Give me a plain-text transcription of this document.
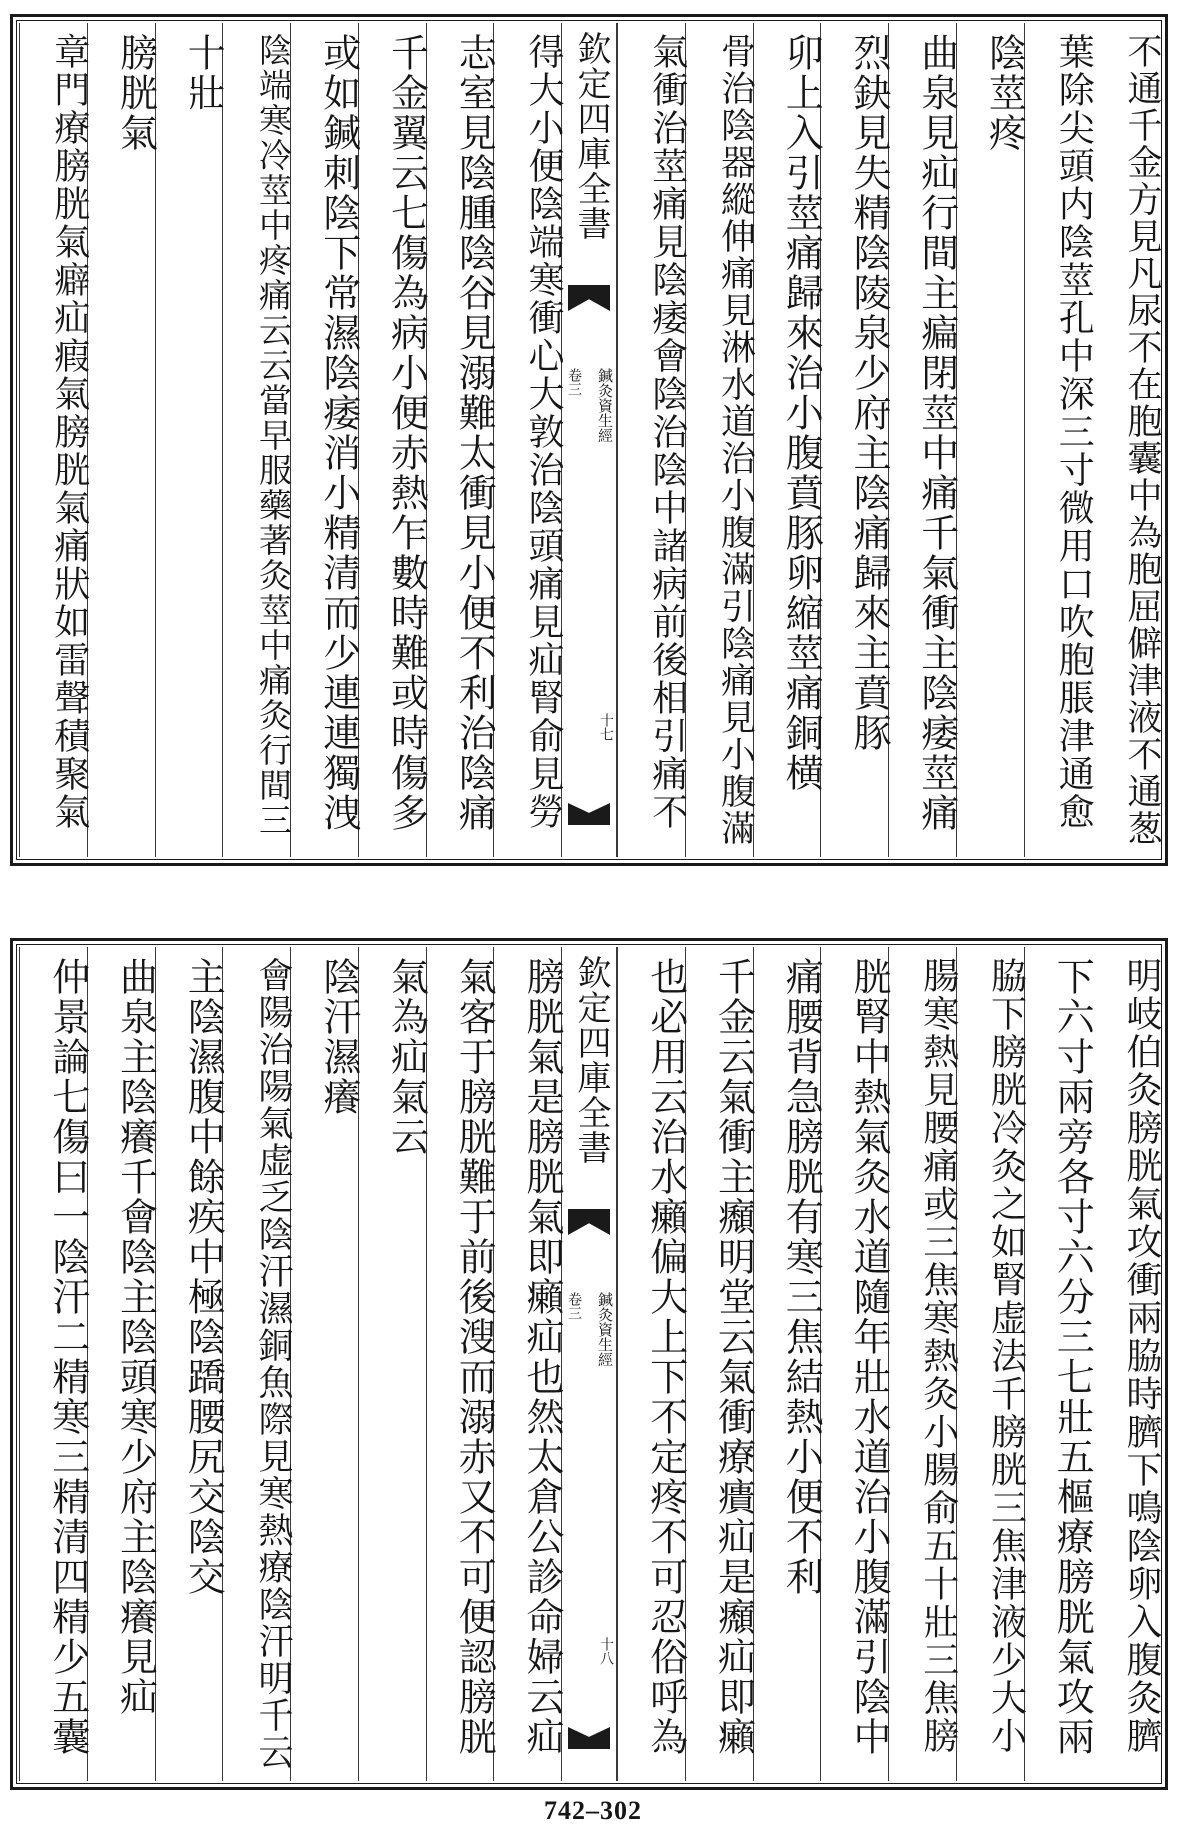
不通千金方見凡尿不在胞囊中為胞屈僻津液不通葱
葉除尖頭内陰莖孔中深三寸微用口吹胞脹津通愈
陰莖疼
曲泉見疝行間主㾫閉莖中痛千氣衝主陰痿莖痛
烈鈌見失精陰陵泉少府主陰痛歸來主賁豚
卯上入引莖痛歸來治小腹賁豚卵縮莖痛銅横
骨治陰器縱伸痛見淋水道治小腹滿引陰痛見小腹滿
氣衝治莖痛見陰痿會陰治陰中諸病前後相引痛不
欽定四庫全書
鍼灸資生經
卷三
十七
得大小便陰端寒衝心大敦治陰頭痛見疝腎俞見勞
志室見陰腫陰谷見溺難太衝見小便不利治陰痛
千金翼云七傷為病小便赤熱乍數時難或時傷多
或如鍼刺陰下常濕陰痿消小精清而少連連獨洩
陰端寒冷莖中疼痛云云當早服藥著灸莖中痛灸行間三
十壯
膀胱氣
章門療膀胱氣癖疝瘕氣膀胱氣痛狀如雷聲積聚氣
明岐伯灸膀胱氣攻衝兩脇時臍下鳴陰卵入腹灸臍
下六寸兩旁各寸六分三七壯五樞療膀胱氣攻兩
脇下膀胱冷灸之如腎虚法千膀胱三焦津液少大小
腸寒熱見腰痛或三焦寒熱灸小腸俞五十壯三焦膀
胱腎中熱氣灸水道隨年壯水道治小腹滿引陰中
痛腰背急膀胱有寒三焦結熱小便不利
千金云氣衝主㿗明堂云氣衝療㿉疝是㿗疝即癩
也必用云治水癩偏大上下不定疼不可忍俗呼為
欽定四庫全書
鍼灸資生經
卷三
十八
膀胱氣是膀胱氣即癩疝也然太倉公診命婦云疝
氣客于膀胱難于前後溲而溺赤又不可便認膀胱
氣為疝氣云
陰汗濕癢
會陽治陽氣虚乏陰汗濕銅魚際見寒熱療陰汗明千云
主陰濕腹中餘疾中極陰蹻腰尻交陰交
曲泉主陰癢千會陰主陰頭寒少府主陰癢見疝
仲景論七傷曰一陰汗二精寒三精清四精少五囊
742–302
